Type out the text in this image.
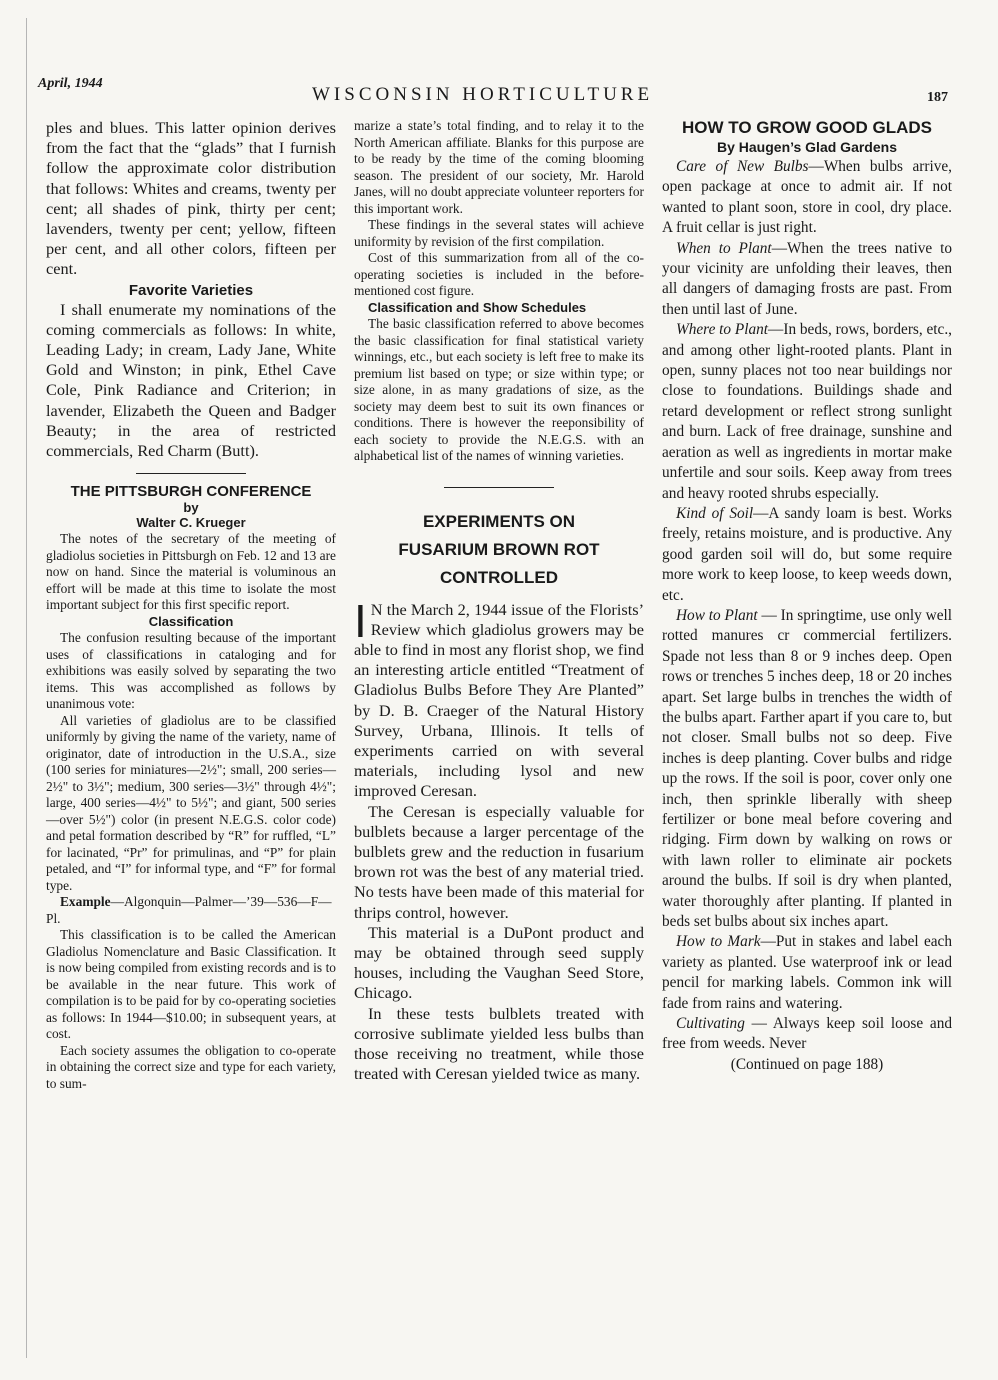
April, 1944
WISCONSIN HORTICULTURE	187

ples and blues. This latter opinion derives from the fact that the “glads” that I furnish follow the approximate color distribution that follows: Whites and creams, twenty per cent; all shades of pink, thirty per cent; lavenders, twenty per cent; yellow, fifteen per cent, and all other colors, fifteen per cent.

Favorite Varieties

I shall enumerate my nominations of the coming commercials as follows: In white, Leading Lady; in cream, Lady Jane, White Gold and Winston; in pink, Ethel Cave Cole, Pink Radiance and Criterion; in lavender, Elizabeth the Queen and Badger Beauty; in the area of restricted commercials, Red Charm (Butt).

THE PITTSBURGH CONFERENCE
by
Walter C. Krueger

The notes of the secretary of the meeting of gladiolus societies in Pittsburgh on Feb. 12 and 13 are now on hand. Since the material is voluminous an effort will be made at this time to isolate the most important subject for this first specific report.

Classification

The confusion resulting because of the important uses of classifications in cataloging and for exhibitions was easily solved by separating the two items. This was accomplished as follows by unanimous vote:

All varieties of gladiolus are to be classified uniformly by giving the name of the variety, name of originator, date of introduction in the U.S.A., size (100 series for miniatures—2½"; small, 200 series—2½" to 3½"; medium, 300 series—3½" through 4½"; large, 400 series—4½" to 5½"; and giant, 500 series—over 5½") color (in present N.E.G.S. color code) and petal formation described by “R” for ruffled, “L” for lacinated, “Pr” for primulinas, and “P” for plain petaled, and “I” for informal type, and “F” for formal type.

Example—Algonquin—Palmer—’39—536—F—Pl.

This classification is to be called the American Gladiolus Nomenclature and Basic Classification. It is now being compiled from existing records and is to be available in the near future. This work of compilation is to be paid for by co-operating societies as follows: In 1944—$10.00; in subsequent years, at cost.

Each society assumes the obligation to co-operate in obtaining the correct size and type for each variety, to sum-

marize a state’s total finding, and to relay it to the North American affiliate. Blanks for this purpose are to be ready by the time of the coming blooming season. The president of our society, Mr. Harold Janes, will no doubt appreciate volunteer reporters for this important work.

These findings in the several states will achieve uniformity by revision of the first compilation.

Cost of this summarization from all of the co-operating societies is included in the before-mentioned cost figure.

Classification and Show Schedules

The basic classification referred to above becomes the basic classification for final statistical variety winnings, etc., but each society is left free to make its premium list based on type; or size within type; or size alone, in as many gradations of size, as the society may deem best to suit its own finances or conditions. There is however the reeponsibility of each society to provide the N.E.G.S. with an alphabetical list of the names of winning varieties.

EXPERIMENTS ON
FUSARIUM BROWN ROT
CONTROLLED

I N the March 2, 1944 issue of the Florists’ Review which gladiolus growers may be able to find in most any florist shop, we find an interesting article entitled “Treatment of Gladiolus Bulbs Before They Are Planted” by D. B. Craeger of the Natural History Survey, Urbana, Illinois. It tells of experiments carried on with several materials, including lysol and new improved Ceresan.

The Ceresan is especially valuable for bulblets because a larger percentage of the bulblets grew and the reduction in fusarium brown rot was the best of any material tried. No tests have been made of this material for thrips control, however.

This material is a DuPont product and may be obtained through seed supply houses, including the Vaughan Seed Store, Chicago.

In these tests bulblets treated with corrosive sublimate yielded less bulbs than those receiving no treatment, while those treated with Ceresan yielded twice as many.

HOW TO GROW GOOD GLADS
By Haugen’s Glad Gardens

Care of New Bulbs—When bulbs arrive, open package at once to admit air. If not wanted to plant soon, store in cool, dry place. A fruit cellar is just right.

When to Plant—When the trees native to your vicinity are unfolding their leaves, then all dangers of damaging frosts are past. From then until last of June.

Where to Plant—In beds, rows, borders, etc., and among other light-rooted plants. Plant in open, sunny places not too near buildings nor close to foundations. Buildings shade and retard development or reflect strong sunlight and burn. Lack of free drainage, sunshine and aeration as well as ingredients in mortar make unfertile and sour soils. Keep away from trees and heavy rooted shrubs especially.

Kind of Soil—A sandy loam is best. Works freely, retains moisture, and is productive. Any good garden soil will do, but some require more work to keep loose, to keep weeds down, etc.

How to Plant — In springtime, use only well rotted manures cr commercial fertilizers. Spade not less than 8 or 9 inches deep. Open rows or trenches 5 inches deep, 18 or 20 inches apart. Set large bulbs in trenches the width of the bulbs apart. Farther apart if you care to, but not closer. Small bulbs not so deep. Five inches is deep planting. Cover bulbs and ridge up the rows. If the soil is poor, cover only one inch, then sprinkle liberally with sheep fertilizer or bone meal before covering and ridging. Firm down by walking on rows or with lawn roller to eliminate air pockets around the bulbs. If soil is dry when planted, water thoroughly after planting. If planted in beds set bulbs about six inches apart.

How to Mark—Put in stakes and label each variety as planted. Use waterproof ink or lead pencil for marking labels. Common ink will fade from rains and watering.

Cultivating — Always keep soil loose and free from weeds. Never

(Continued on page 188)
